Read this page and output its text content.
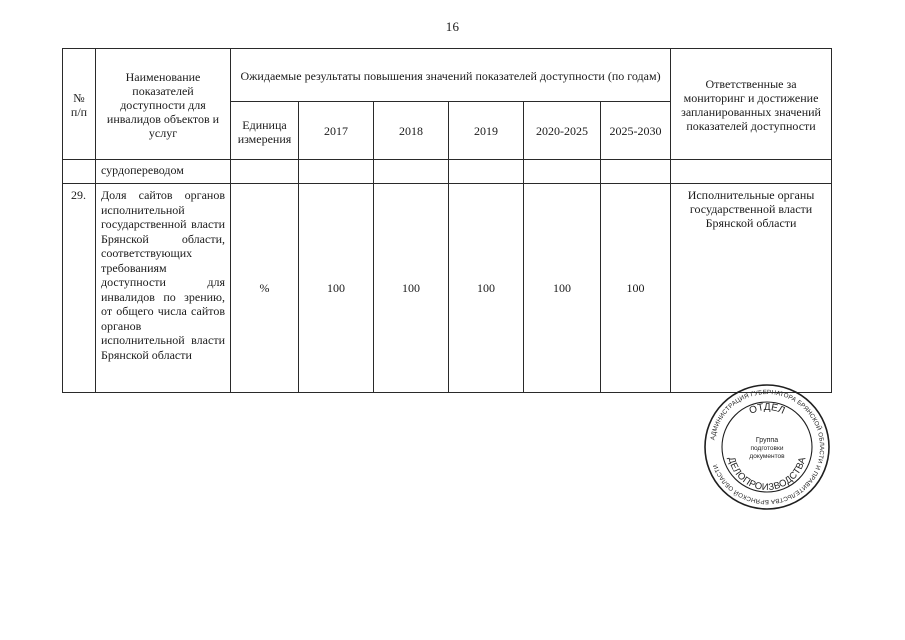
16
№ п/п	Наименование показателей доступности для инвалидов объектов и услуг	Ожидаемые результаты повышения значений показателей доступности (по годам)						Ответственные за мониторинг и достижение запланированных значений показателей доступности
		Единица измерения	2017	2018	2019	2020-2025	2025-2030	
	сурдопереводом							
29.	Доля сайтов органов исполнительной государственной власти Брянской области, соответствующих требованиям доступности для инвалидов по зрению, от общего числа сайтов органов исполнительной власти Брянской области	%	100	100	100	100	100	Исполнительные органы государственной власти Брянской области
АДМИНИСТРАЦИЯ ГУБЕРНАТОРА БРЯНСКОЙ ОБЛАСТИ И ПРАВИТЕЛЬСТВА БРЯНСКОЙ ОБЛАСТИ
ОТДЕЛ
ДЕЛОПРОИЗВОДСТВА
Группа
подготовки
документов
